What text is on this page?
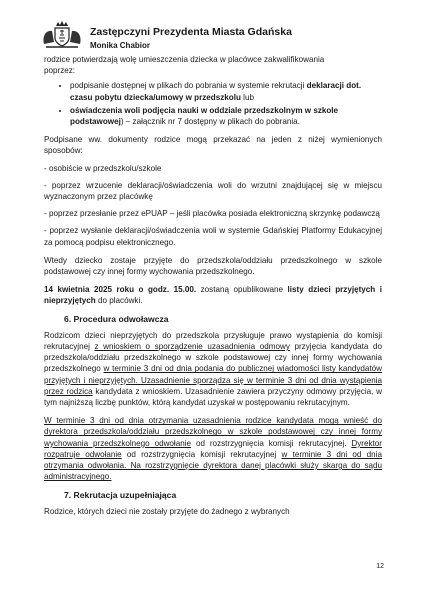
Zastępczyni Prezydenta Miasta Gdańska
Monika Chabior

rodzice potwierdzają wolę umieszczenia dziecka w placówce zakwalifikowania

poprzez:

• podpisanie dostępnej w plikach do pobrania w systemie rekrutacji deklaracji dot. czasu pobytu dziecka/umowy w przedszkolu lub
• oświadczenia woli podjęcia nauki w oddziale przedszkolnym w szkole podstawowej) – załącznik nr 7 dostępny w plikach do pobrania.

Podpisane ww. dokumenty rodzice mogą przekazać na jeden z niżej wymienionych sposobów:

- osobiście w przedszkolu/szkole

- poprzez wrzucenie deklaracji/oświadczenia woli do wrzutni znajdującej się w miejscu wyznaczonym przez placówkę

- poprzez przesłanie przez ePUAP – jeśli placówka posiada elektroniczną skrzynkę podawczą

- poprzez wysłanie deklaracji/oświadczenia woli w systemie Gdańskiej Platformy Edukacyjnej za pomocą podpisu elektronicznego.

Wtedy dziecko zostaje przyjęte do przedszkola/oddziału przedszkolnego w szkole podstawowej czy innej formy wychowania przedszkolnego.

14 kwietnia 2025 roku o godz. 15.00. zostaną opublikowane listy dzieci przyjętych i nieprzyjętych do placówki.

6. Procedura odwoławcza

Rodzicom dzieci nieprzyjętych do przedszkola przysługuje prawo wystąpienia do komisji rekrutacyjnej z wnioskiem o sporządzenie uzasadnienia odmowy przyjęcia kandydata do przedszkola/oddziału przedszkolnego w szkole podstawowej czy innej formy wychowania przedszkolnego w terminie 3 dni od dnia podania do publicznej wiadomości listy kandydatów przyjętych i nieprzyjętych. Uzasadnienie sporządza się w terminie 3 dni od dnia wystąpienia przez rodzica kandydata z wnioskiem. Uzasadnienie zawiera przyczyny odmowy przyjęcia, w tym najniższą liczbę punktów, którą kandydat uzyskał w postępowaniu rekrutacyjnym.

W terminie 3 dni od dnia otrzymania uzasadnienia rodzice kandydata mogą wnieść do dyrektora przedszkola/oddziału przedszkolnego w szkole podstawowej czy innej formy wychowania przedszkolnego odwołanie od rozstrzygnięcia komisji rekrutacyjnej. Dyrektor rozpatruje odwołanie od rozstrzygnięcia komisji rekrutacyjnej w terminie 3 dni od dnia otrzymania odwołania. Na rozstrzygnięcie dyrektora danej placówki służy skarga do sądu administracyjnego.

7. Rekrutacja uzupełniająca

Rodzice, których dzieci nie zostały przyjęte do żadnego z wybranych

12
